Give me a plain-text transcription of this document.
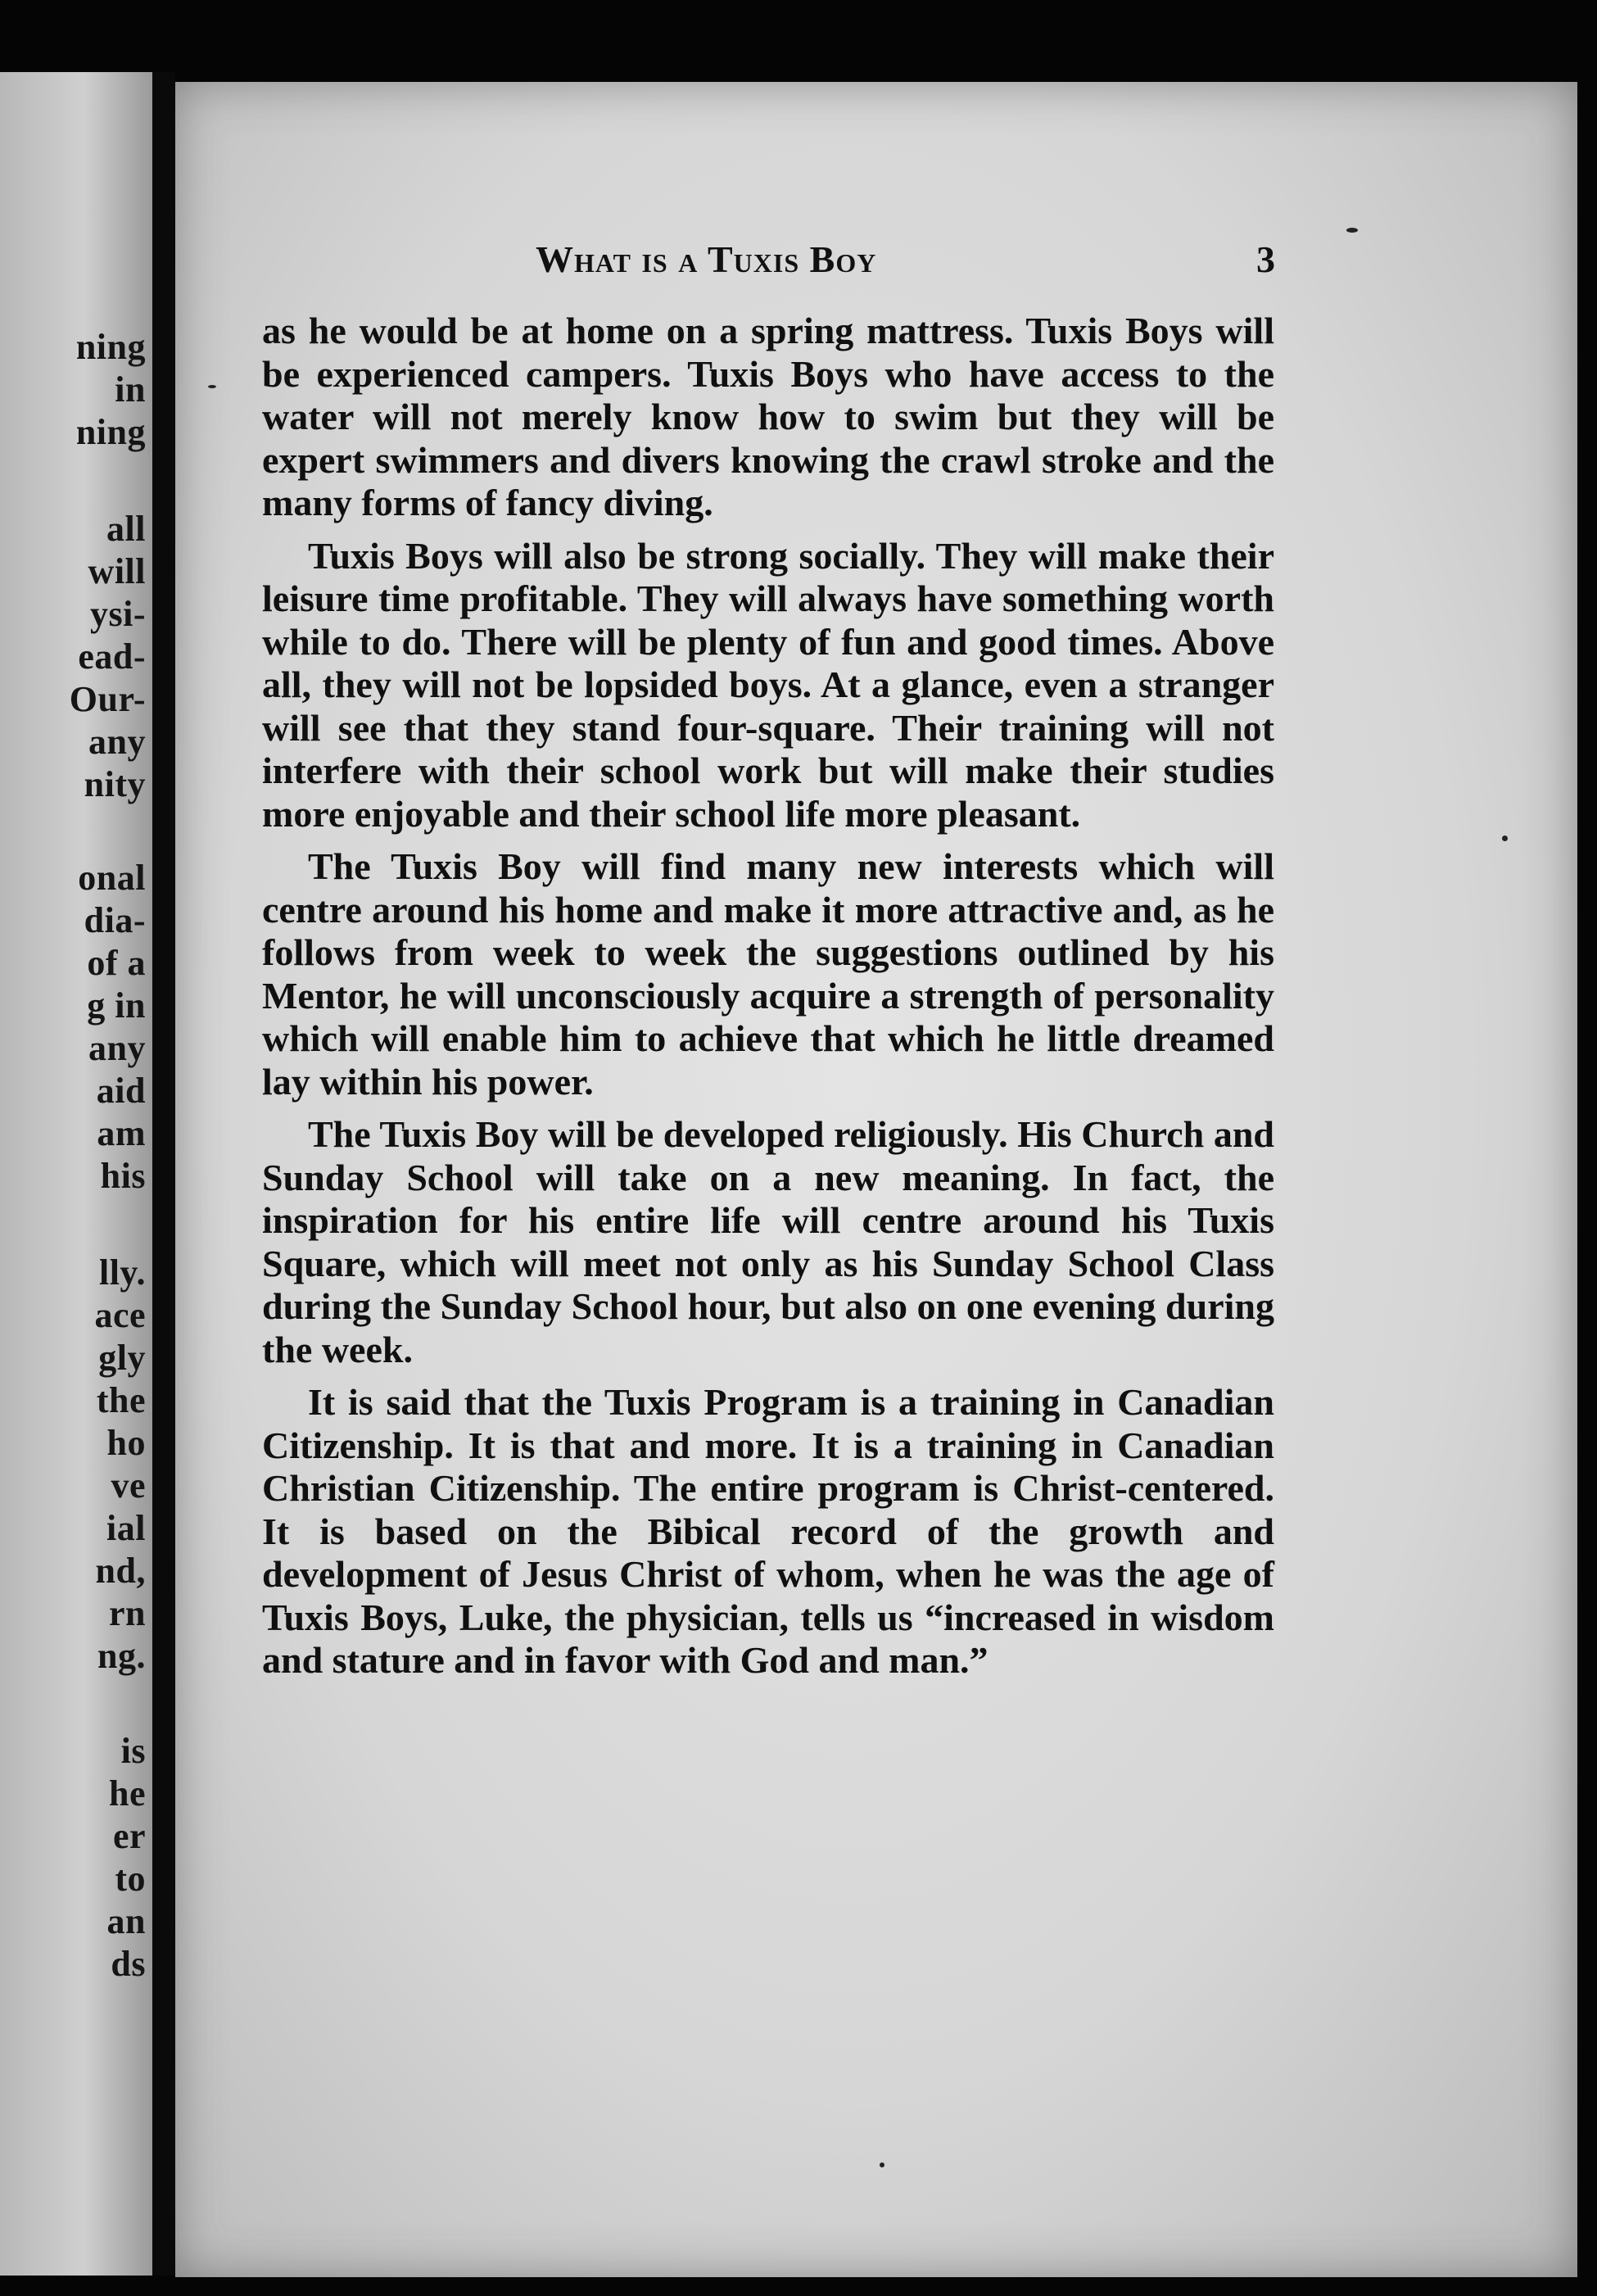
ning
in
ning
all
will
ysi-
ead-
Our-
any
nity
onal
dia-
of a
g in
any
aid
am
his
lly.
ace
gly
the
ho
ve
ial
nd,
rn
ng.
is
he
er
to
an
ds
What is a Tuxis Boy	3

as he would be at home on a spring mattress. Tuxis Boys will be experienced campers. Tuxis Boys who have access to the water will not merely know how to swim but they will be expert swimmers and divers knowing the crawl stroke and the many forms of fancy diving.

Tuxis Boys will also be strong socially. They will make their leisure time profitable. They will always have something worth while to do. There will be plenty of fun and good times. Above all, they will not be lopsided boys. At a glance, even a stranger will see that they stand four-square. Their training will not interfere with their school work but will make their studies more enjoyable and their school life more pleasant.

The Tuxis Boy will find many new interests which will centre around his home and make it more attractive and, as he follows from week to week the suggestions outlined by his Mentor, he will unconsciously acquire a strength of personality which will enable him to achieve that which he little dreamed lay within his power.

The Tuxis Boy will be developed religiously. His Church and Sunday School will take on a new meaning. In fact, the inspiration for his entire life will centre around his Tuxis Square, which will meet not only as his Sunday School Class during the Sunday School hour, but also on one evening during the week.

It is said that the Tuxis Program is a training in Canadian Citizenship. It is that and more. It is a training in Canadian Christian Citizenship. The entire program is Christ-centered. It is based on the Bibical record of the growth and development of Jesus Christ of whom, when he was the age of Tuxis Boys, Luke, the physician, tells us “increased in wisdom and stature and in favor with God and man.”
